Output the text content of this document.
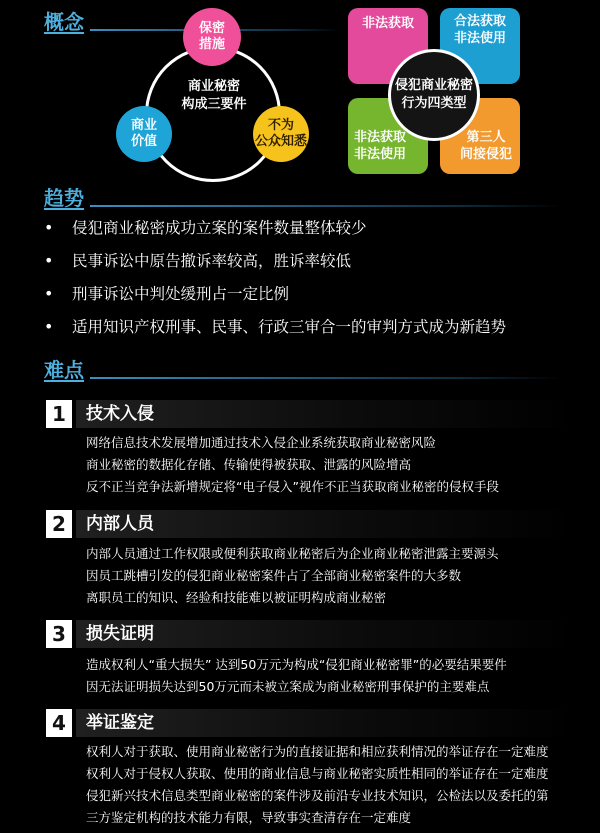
概念	保密
措施
商业
价值
不为
公众知悉
商业秘密
构成三要件
非法获取	合法获取
非法使用
非法获取
非法使用
第三人
间接侵犯
侵犯商业秘密
行为四类型
趋势
• 侵犯商业秘密成功立案的案件数量整体较少
• 民事诉讼中原告撤诉率较高，胜诉率较低
• 刑事诉讼中判处缓刑占一定比例
• 适用知识产权刑事、民事、行政三审合一的审判方式成为新趋势
难点
1	技术入侵
网络信息技术发展增加通过技术入侵企业系统获取商业秘密风险
商业秘密的数据化存储、传输使得被获取、泄露的风险增高
反不正当竞争法新增规定将“电子侵入”视作不正当获取商业秘密的侵权手段
2	内部人员
内部人员通过工作权限或便利获取商业秘密后为企业商业秘密泄露主要源头
因员工跳槽引发的侵犯商业秘密案件占了全部商业秘密案件的大多数
离职员工的知识、经验和技能难以被证明构成商业秘密
3	损失证明
造成权利人“重大损失” 达到50万元为构成“侵犯商业秘密罪”的必要结果要件
因无法证明损失达到50万元而未被立案成为商业秘密刑事保护的主要难点
4	举证鉴定
权利人对于获取、使用商业秘密行为的直接证据和相应获利情况的举证存在一定难度
权利人对于侵权人获取、使用的商业信息与商业秘密实质性相同的举证存在一定难度
侵犯新兴技术信息类型商业秘密的案件涉及前沿专业技术知识，公检法以及委托的第
三方鉴定机构的技术能力有限，导致事实查清存在一定难度
